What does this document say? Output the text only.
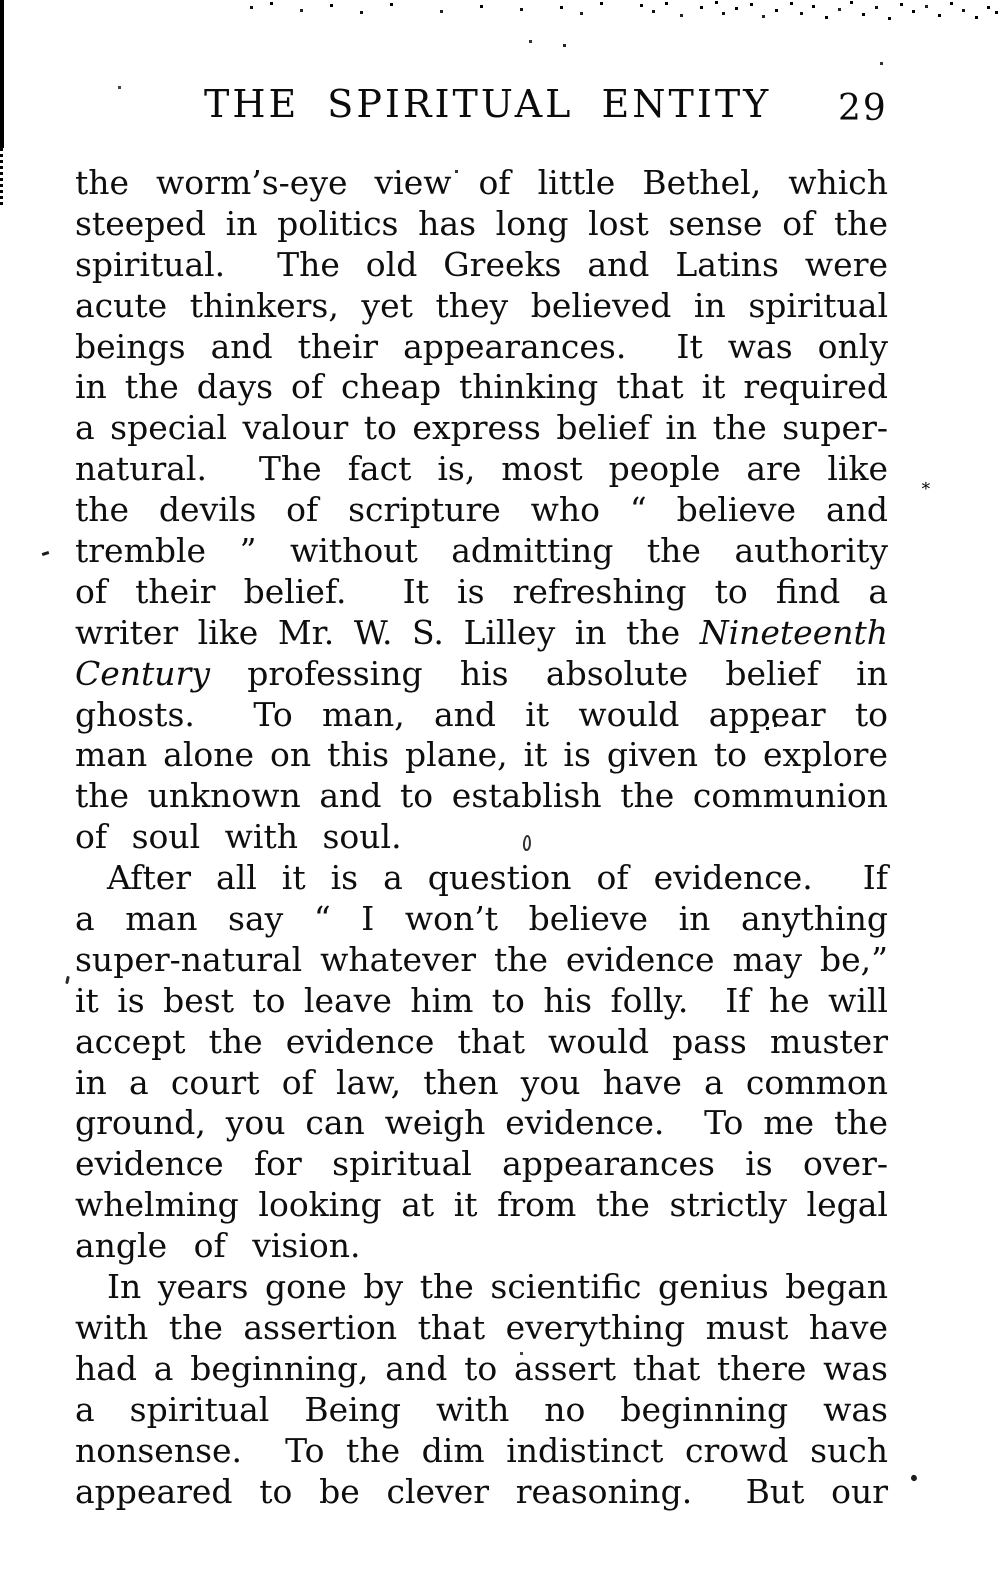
∗
THE SPIRITUAL ENTITY 29
the worm’s-eye view of little Bethel, which
steeped in politics has long lost sense of the
spiritual.  The old Greeks and Latins were
acute thinkers, yet they believed in spiritual
beings and their appearances.  It was only
in the days of cheap thinking that it required
a special valour to express belief in the super-
natural.  The fact is, most people are like
the devils of scripture who “ believe and
tremble ” without admitting the authority
of their belief.  It is refreshing to find a
writer like Mr. W. S. Lilley in the Nineteenth
Century professing his absolute belief in
ghosts.  To man, and it would appear to
man alone on this plane, it is given to explore
the unknown and to establish the communion
of soul with soul.
After all it is a question of evidence.  If
a man say “ I won’t believe in anything
super-natural whatever the evidence may be,”
it is best to leave him to his folly.  If he will
accept the evidence that would pass muster
in a court of law, then you have a common
ground, you can weigh evidence.  To me the
evidence for spiritual appearances is over-
whelming looking at it from the strictly legal
angle of vision.
In years gone by the scientific genius began
with the assertion that everything must have
had a beginning, and to assert that there was
a spiritual Being with no beginning was
nonsense.  To the dim indistinct crowd such
appeared to be clever reasoning.  But our
